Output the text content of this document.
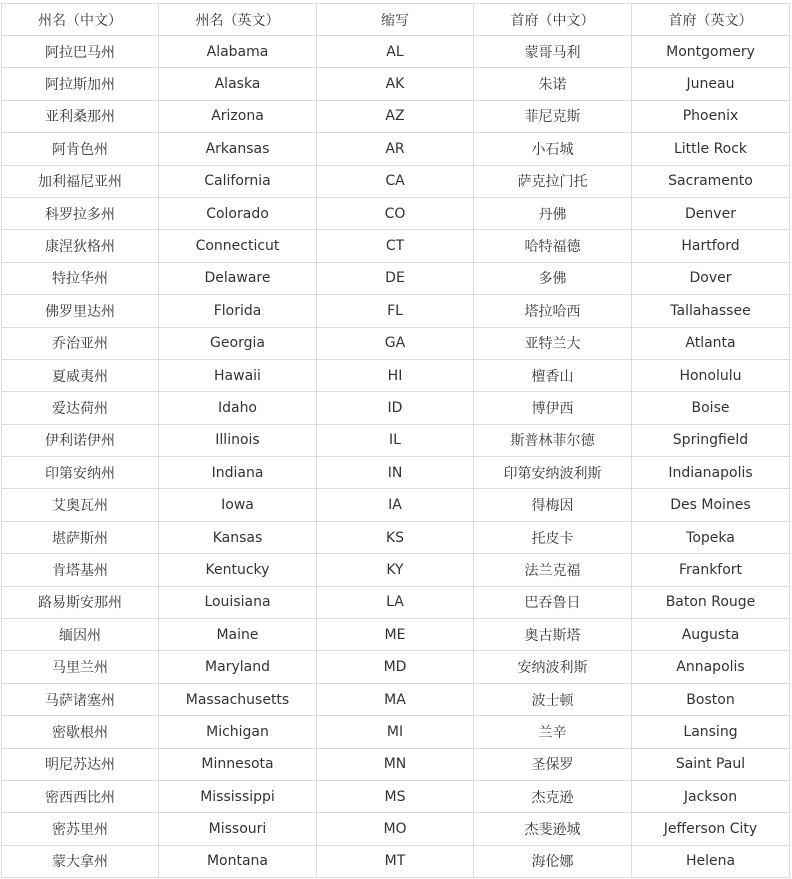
州名（中文）	州名（英文）	缩写	首府（中文）	首府（英文）
阿拉巴马州	Alabama	AL	蒙哥马利	Montgomery
阿拉斯加州	Alaska	AK	朱诺	Juneau
亚利桑那州	Arizona	AZ	菲尼克斯	Phoenix
阿肯色州	Arkansas	AR	小石城	Little Rock
加利福尼亚州	California	CA	萨克拉门托	Sacramento
科罗拉多州	Colorado	CO	丹佛	Denver
康涅狄格州	Connecticut	CT	哈特福德	Hartford
特拉华州	Delaware	DE	多佛	Dover
佛罗里达州	Florida	FL	塔拉哈西	Tallahassee
乔治亚州	Georgia	GA	亚特兰大	Atlanta
夏威夷州	Hawaii	HI	檀香山	Honolulu
爱达荷州	Idaho	ID	博伊西	Boise
伊利诺伊州	Illinois	IL	斯普林菲尔德	Springfield
印第安纳州	Indiana	IN	印第安纳波利斯	Indianapolis
艾奥瓦州	Iowa	IA	得梅因	Des Moines
堪萨斯州	Kansas	KS	托皮卡	Topeka
肯塔基州	Kentucky	KY	法兰克福	Frankfort
路易斯安那州	Louisiana	LA	巴吞鲁日	Baton Rouge
缅因州	Maine	ME	奥古斯塔	Augusta
马里兰州	Maryland	MD	安纳波利斯	Annapolis
马萨诸塞州	Massachusetts	MA	波士顿	Boston
密歇根州	Michigan	MI	兰辛	Lansing
明尼苏达州	Minnesota	MN	圣保罗	Saint Paul
密西西比州	Mississippi	MS	杰克逊	Jackson
密苏里州	Missouri	MO	杰斐逊城	Jefferson City
蒙大拿州	Montana	MT	海伦娜	Helena
